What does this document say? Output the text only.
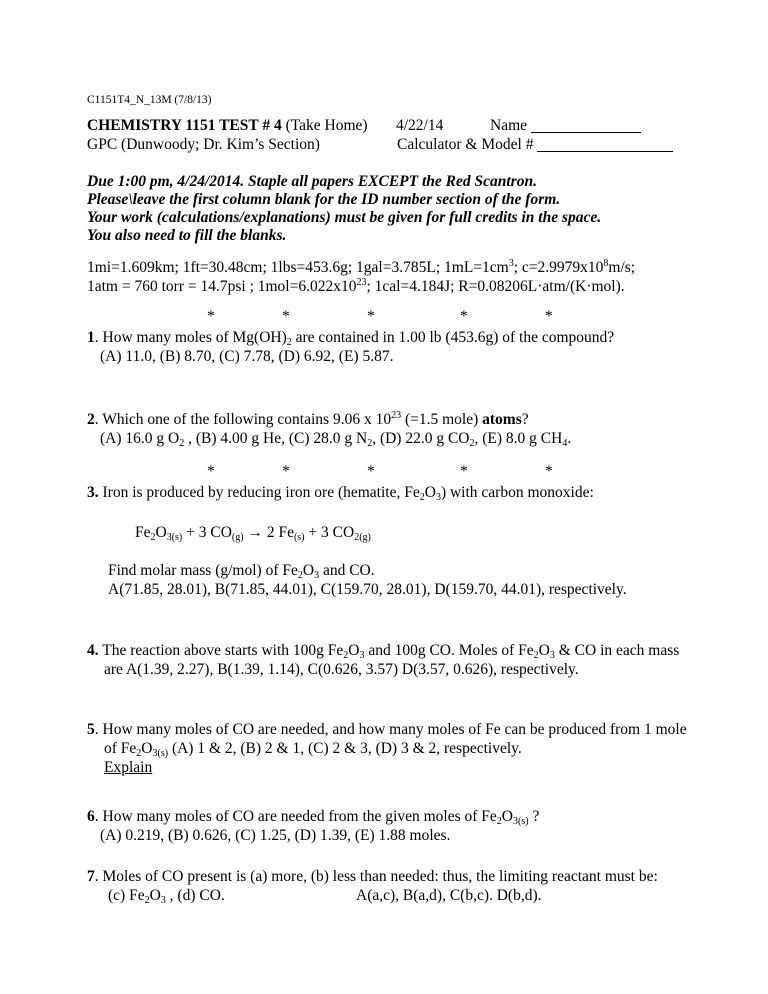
C1151T4_N_13M (7/8/13)
CHEMISTRY 1151 TEST # 4 (Take Home) 4/22/14	Name
GPC (Dunwoody; Dr. Kim’s Section)	Calculator & Model #
Due 1:00 pm, 4/24/2014. Staple all papers EXCEPT the Red Scantron.
Please\leave the first column blank for the ID number section of the form.
Your work (calculations/explanations) must be given for full credits in the space.
You also need to fill the blanks.
1mi=1.609km; 1ft=30.48cm; 1lbs=453.6g; 1gal=3.785L; $1mL=1cm^3$; $c=2.9979x10^8m/s$;
1atm = 760 torr = 14.7psi ; $1mol=6.022x10^{23}$; 1cal=4.184J; R=0.08206L·atm/(K·mol).
*	*	*	*	*
1. How many moles of $Mg(OH)_2$ are contained in 1.00 lb (453.6g) of the compound?
(A) 11.0, (B) 8.70, (C) 7.78, (D) 6.92, (E) 5.87.
2. Which one of the following contains 9.06 x $10^{23}$ (=1.5 mole) atoms?
(A) 16.0 g $O_2$ , (B) 4.00 g He, (C) 28.0 g $N_2$, (D) 22.0 g $CO_2$, (E) 8.0 g $CH_4$.
*	*	*	*	*
3. Iron is produced by reducing iron ore (hematite, $Fe_2O_3$) with carbon monoxide:
$Fe_2O_{3(s)} + 3$ $CO_{(g)} \to 2$ $Fe_{(s)} + 3$ $CO_{2(g)}$
Find molar mass (g/mol) of $Fe_2O_3$ and CO.
A(71.85, 28.01), B(71.85, 44.01), C(159.70, 28.01), D(159.70, 44.01), respectively.
4. The reaction above starts with 100g $Fe_2O_3$ and 100g CO. Moles of $Fe_2O_3$ & CO in each mass
are A(1.39, 2.27), B(1.39, 1.14), C(0.626, 3.57) D(3.57, 0.626), respectively.
5. How many moles of CO are needed, and how many moles of Fe can be produced from 1 mole
of $Fe_2O_{3(s)}$ (A) 1 & 2, (B) 2 & 1, (C) 2 & 3, (D) 3 & 2, respectively.
Explain
6. How many moles of CO are needed from the given moles of $Fe_2O_{3(s)}$ ?
(A) 0.219, (B) 0.626, (C) 1.25, (D) 1.39, (E) 1.88 moles.
7. Moles of CO present is (a) more, (b) less than needed: thus, the limiting reactant must be:
(c) $Fe_2O_3$ , (d) CO.	A(a,c), B(a,d), C(b,c). D(b,d).
